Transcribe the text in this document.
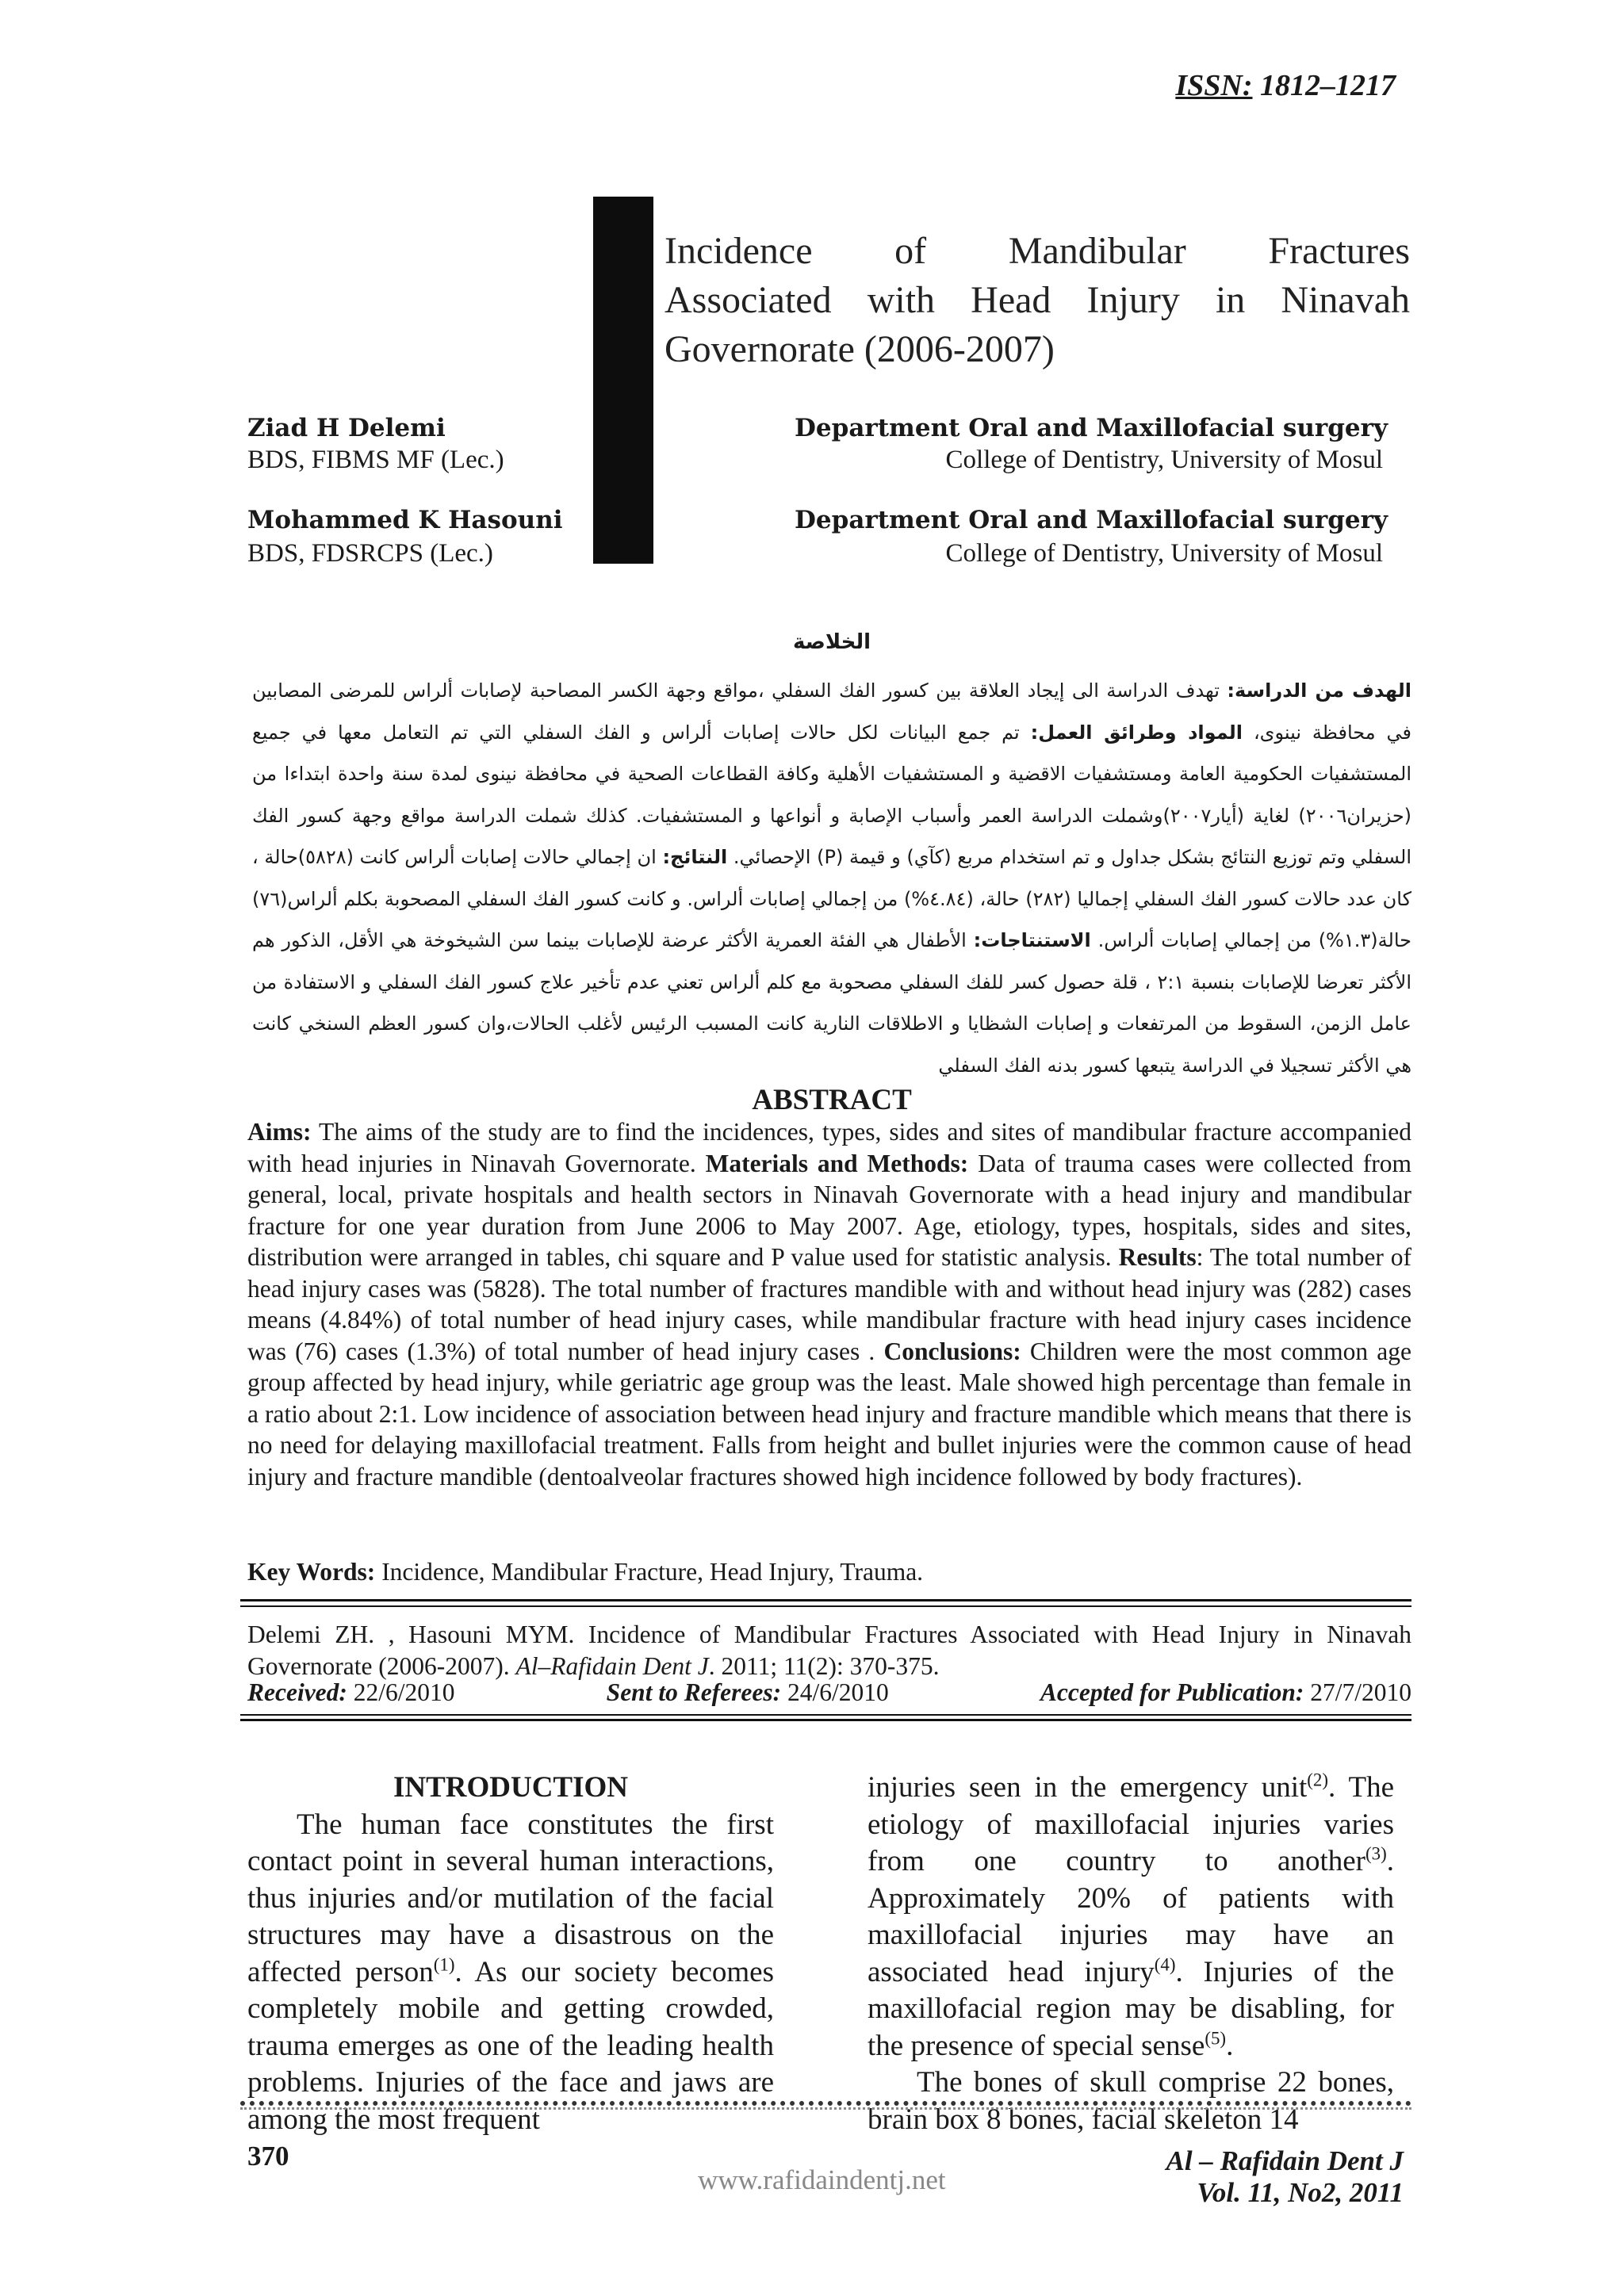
ISSN: 1812–1217
Incidence of Mandibular Fractures
Associated with Head Injury in Ninavah
Governorate (2006-2007)
Ziad H Delemi
BDS, FIBMS MF (Lec.)
Mohammed K Hasouni
BDS, FDSRCPS (Lec.)
Department Oral and Maxillofacial surgery
College of Dentistry, University of Mosul
Department Oral and Maxillofacial surgery
College of Dentistry, University of Mosul
الخلاصة
الهدف من الدراسة: تهدف الدراسة الى إيجاد العلاقة بين كسور الفك السفلي ،مواقع وجهة الكسر المصاحبة لإصابات ألراس للمرضى المصابين في محافظة نينوى، المواد وطرائق العمل: تم جمع البيانات لكل حالات إصابات ألراس و الفك السفلي التي تم التعامل معها في جميع المستشفيات الحكومية العامة ومستشفيات الاقضية و المستشفيات الأهلية وكافة القطاعات الصحية في محافظة نينوى لمدة سنة واحدة ابتداءا من (حزيران٢٠٠٦) لغاية (أيار٢٠٠٧)وشملت الدراسة العمر وأسباب الإصابة و أنواعها و المستشفيات. كذلك شملت الدراسة مواقع وجهة كسور الفك السفلي وتم توزيع النتائج بشكل جداول و تم استخدام مربع (كآي) و قيمة (P) الإحصائي. النتائج: ان إجمالي حالات إصابات ألراس كانت (٥٨٢٨)حالة ، كان عدد حالات كسور الفك السفلي إجماليا (٢٨٢) حالة، (٤.٨٤%) من إجمالي إصابات ألراس. و كانت كسور الفك السفلي المصحوبة بكلم ألراس(٧٦) حالة(١.٣%) من إجمالي إصابات ألراس. الاستنتاجات: الأطفال هي الفئة العمرية الأكثر عرضة للإصابات بينما سن الشيخوخة هي الأقل، الذكور هم الأكثر تعرضا للإصابات بنسبة ٢:١ ، قلة حصول كسر للفك السفلي مصحوبة مع كلم ألراس تعني عدم تأخير علاج كسور الفك السفلي و الاستفادة من عامل الزمن، السقوط من المرتفعات و إصابات الشظايا و الاطلاقات النارية كانت المسبب الرئيس لأغلب الحالات،وان كسور العظم السنخي كانت هي الأكثر تسجيلا في الدراسة يتبعها كسور بدنه الفك السفلي
ABSTRACT
Aims: The aims of the study are to find the incidences, types, sides and sites of mandibular fracture accompanied with head injuries in Ninavah Governorate. Materials and Methods: Data of trauma cases were collected from general, local, private hospitals and health sectors in Ninavah Governorate with a head injury and mandibular fracture for one year duration from June 2006 to May 2007. Age, etiology, types, hospitals, sides and sites, distribution were arranged in tables, chi square and P value used for statistic analysis. Results: The total number of head injury cases was (5828). The total number of fractures mandible with and without head injury was (282) cases means (4.84%) of total number of head injury cases, while mandibular fracture with head injury cases incidence was (76) cases (1.3%) of total number of head injury cases . Conclusions: Children were the most common age group affected by head injury, while geriatric age group was the least. Male showed high percentage than female in a ratio about 2:1. Low incidence of association between head injury and fracture mandible which means that there is no need for delaying maxillofacial treatment. Falls from height and bullet injuries were the common cause of head injury and fracture mandible (dentoalveolar fractures showed high incidence followed by body fractures).
Key Words: Incidence, Mandibular Fracture, Head Injury, Trauma.
Delemi ZH. , Hasouni MYM. Incidence of Mandibular Fractures Associated with Head Injury in Ninavah Governorate (2006-2007). Al–Rafidain Dent J. 2011; 11(2): 370-375.
Received: 22/6/2010	Sent to Referees: 24/6/2010	Accepted for Publication: 27/7/2010
INTRODUCTION

The human face constitutes the first contact point in several human interactions, thus injuries and/or mutilation of the facial structures may have a disastrous on the affected person$^{(1)}$. As our society becomes completely mobile and getting crowded, trauma emerges as one of the leading health problems. Injuries of the face and jaws are among the most frequent

injuries seen in the emergency unit$^{(2)}$. The etiology of maxillofacial injuries varies from one country to another$^{(3)}$. Approximately 20% of patients with maxillofacial injuries may have an associated head injury$^{(4)}$. Injuries of the maxillofacial region may be disabling, for the presence of special sense$^{(5)}$.

The bones of skull comprise 22 bones, brain box 8 bones, facial skeleton 14

370
www.rafidaindentj.net
Al – Rafidain Dent J
Vol. 11, No2, 2011
